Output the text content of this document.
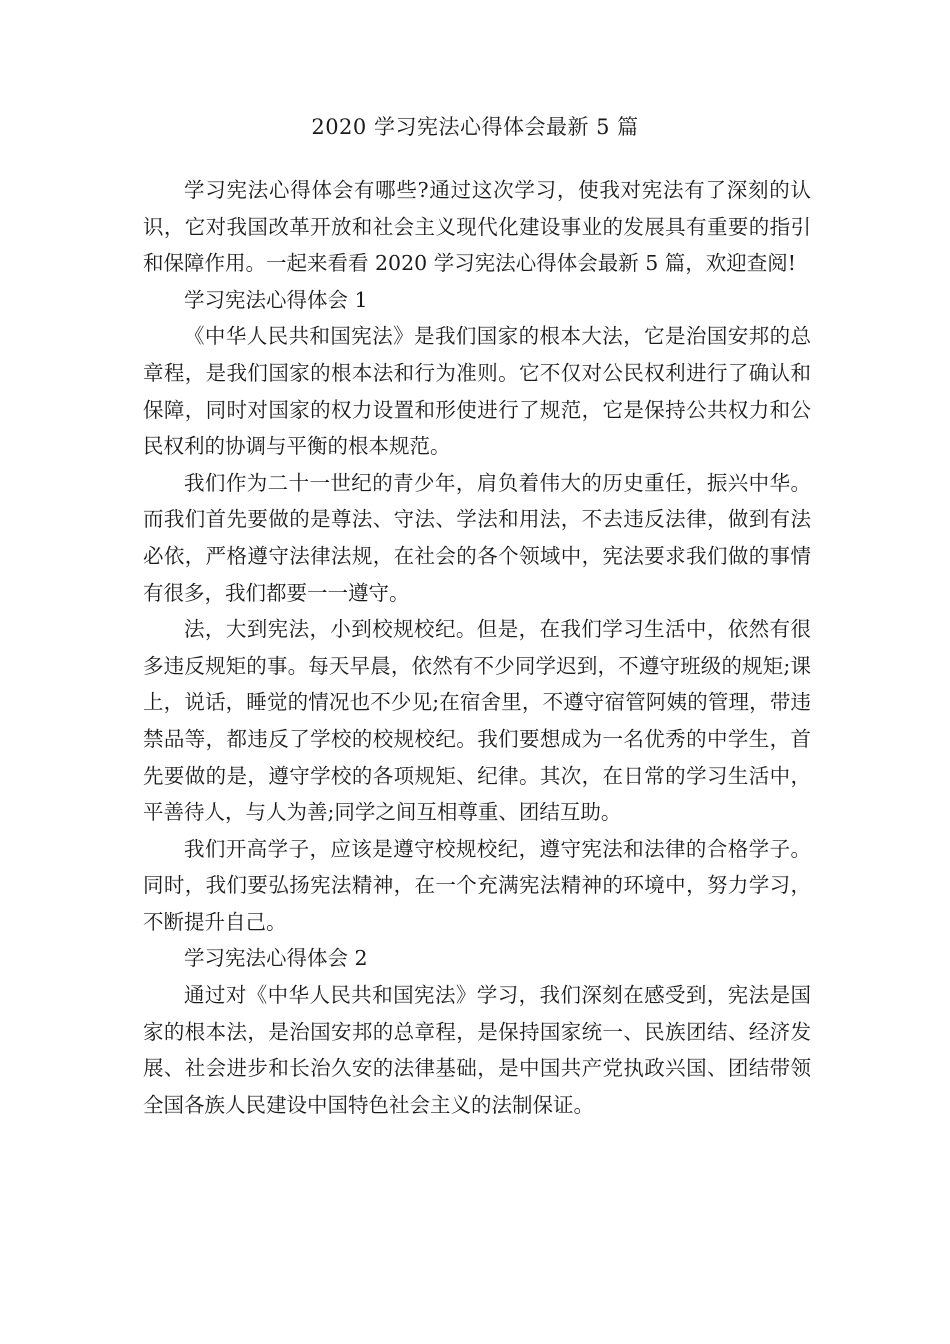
2020 学习宪法心得体会最新 5 篇

学习宪法心得体会有哪些?通过这次学习，使我对宪法有了深刻的认识，它对我国改革开放和社会主义现代化建设事业的发展具有重要的指引和保障作用。一起来看看 2020 学习宪法心得体会最新 5 篇，欢迎查阅!

学习宪法心得体会 1

《中华人民共和国宪法》是我们国家的根本大法，它是治国安邦的总章程，是我们国家的根本法和行为准则。它不仅对公民权利进行了确认和保障，同时对国家的权力设置和形使进行了规范，它是保持公共权力和公民权利的协调与平衡的根本规范。

我们作为二十一世纪的青少年，肩负着伟大的历史重任，振兴中华。而我们首先要做的是尊法、守法、学法和用法，不去违反法律，做到有法必依，严格遵守法律法规，在社会的各个领域中，宪法要求我们做的事情有很多，我们都要一一遵守。

法，大到宪法，小到校规校纪。但是，在我们学习生活中，依然有很多违反规矩的事。每天早晨，依然有不少同学迟到，不遵守班级的规矩;课上，说话，睡觉的情况也不少见;在宿舍里，不遵守宿管阿姨的管理，带违禁品等，都违反了学校的校规校纪。我们要想成为一名优秀的中学生，首先要做的是，遵守学校的各项规矩、纪律。其次，在日常的学习生活中，平善待人，与人为善;同学之间互相尊重、团结互助。

我们开高学子，应该是遵守校规校纪，遵守宪法和法律的合格学子。同时，我们要弘扬宪法精神，在一个充满宪法精神的环境中，努力学习，不断提升自己。

学习宪法心得体会 2

通过对《中华人民共和国宪法》学习，我们深刻在感受到，宪法是国家的根本法，是治国安邦的总章程，是保持国家统一、民族团结、经济发展、社会进步和长治久安的法律基础，是中国共产党执政兴国、团结带领全国各族人民建设中国特色社会主义的法制保证。
